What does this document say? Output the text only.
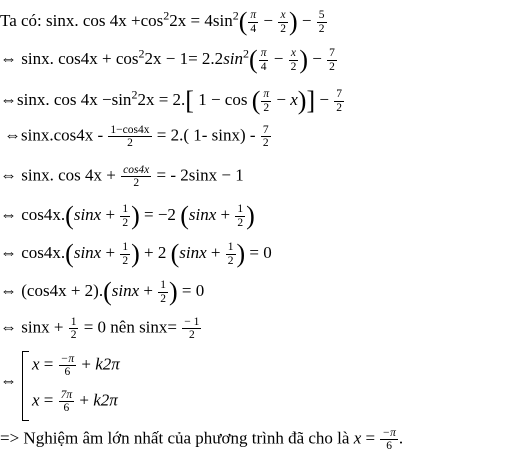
Ta có: sinx. $\cos 4x +\cos^22x = 4\sin^2( \frac{\pi}{4} - \frac{x}{2}$ ) − $\frac{5}{2}$
⇔ sinx. $\cos 4x + \cos^22x - 1= 2.2\sin^2( \frac{\pi}{4} - \frac{x}{2}$ ) − $\frac{7}{2}$
⇔sinx. $\cos 4x -\sin^22x = 2$.[ 1 − cos ( $\frac{\pi}{2} - x)] - \frac{7}{2}$
⇔sinx.cos4x - $\frac{1-\cos 4x}{2} = 2$.( 1- $\sin x) - \frac{7}{2}$
⇔ sinx. $\cos 4x + \frac{\cos 4x}{2}$ = - 2sinx − 1
⇔ $\cos 4x.(\sin x + \frac{1}{2}$ ) = −2 ($\sin x + \frac{1}{2}$ )
⇔ $\cos 4x.(\sin x + \frac{1}{2}$ ) + 2 ($\sin x + \frac{1}{2}$ ) = 0
⇔ $(\cos 4x + 2).(\sin x + \frac{1}{2}$ ) = 0
⇔ $\sin x + \frac{1}{2} = 0$ nên $\sin x= \frac{- 1}{2}$
⇔
$x = \frac{-\pi}{6} + k2\pi$
$x = \frac{7\pi}{6} + k2\pi$
=> Nghiệm âm lớn nhất của phương trình đã cho là $x = \frac{-\pi}{6}$ .
